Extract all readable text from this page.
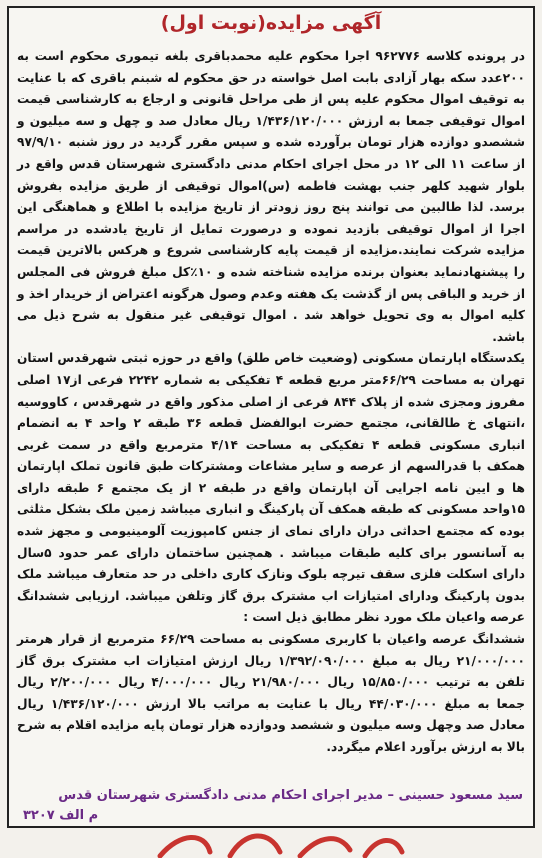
آگهی مزایده(نوبت اول)

در پرونده کلاسه ۹۶۲۷۷۶ اجرا محکوم علیه محمدباقری بلغه تیموری محکوم است به ۲۰۰عدد سکه بهار آزادی بابت اصل خواسته در حق محکوم له شبنم باقری که با عنایت به توقیف اموال محکوم علیه پس از طی مراحل قانونی و ارجاع به کارشناسی قیمت اموال توقیفی جمعا به ارزش ۱/۴۳۶/۱۲۰/۰۰۰ ریال معادل صد و چهل و سه میلیون و ششصدو دوازده هزار تومان برآورده شده و سپس مقرر گردید در روز شنبه ۹۷/۹/۱۰ از ساعت ۱۱ الی ۱۲ در محل اجرای احکام مدنی دادگستری شهرستان قدس واقع در بلوار شهید کلهر جنب بهشت فاطمه (س)اموال توقیفی از طریق مزایده بفروش برسد. لذا طالبین می توانند پنج روز زودتر از تاریخ مزایده با اطلاع و هماهنگی این اجرا از اموال توقیفی بازدید نموده و درصورت تمایل از تاریخ یادشده در مراسم مزایده شرکت نمایند.مزایده از قیمت پایه کارشناسی شروع و هرکس بالاترین قیمت را پیشنهادنماید بعنوان برنده مزایده شناخته شده و ۱۰٪کل مبلغ فروش فی المجلس از خرید و الباقی پس از گذشت یک هفته وعدم وصول هرگونه اعتراض از خریدار اخذ و کلیه اموال به وی تحویل خواهد شد . اموال توقیفی غیر منقول به شرح ذیل می باشد.

یکدستگاه اپارتمان مسکونی (وضعیت خاص طلق) واقع در حوزه ثبتی شهرقدس استان تهران به مساحت ۶۶/۲۹متر مربع قطعه ۴ تفکیکی به شماره ۲۲۴۲ فرعی از۱۷ اصلی مفروز ومجزی شده از پلاک ۸۴۴ فرعی از اصلی مذکور واقع در شهرقدس ، کاووسیه ،انتهای خ طالقانی، مجتمع حضرت ابوالفضل قطعه ۳۶ طبقه ۲ واحد ۴ به انضمام انباری مسکونی قطعه ۴ تفکیکی به مساحت ۴/۱۴ مترمربع واقع در سمت غربی همکف با قدرالسهم از عرصه و سایر مشاعات ومشترکات طبق قانون تملک اپارتمان ها و ایین نامه اجرایی آن اپارتمان واقع در طبقه ۲ از یک مجتمع ۶ طبقه دارای ۱۵واحد مسکونی که طبقه همکف آن پارکینگ و انباری میباشد زمین ملک بشکل مثلثی بوده که مجتمع احداثی دران دارای نمای از جنس کامپوزیت آلومینیومی و مجهز شده به آسانسور برای کلیه طبقات میباشد . همچنین ساختمان دارای عمر حدود ۵سال دارای اسکلت فلزی سقف تیرچه بلوک ونازک کاری داخلی در حد متعارف میباشد ملک بدون پارکینگ ودارای امتیازات اب مشترک برق گاز وتلفن میباشد. ارزیابی ششدانگ عرصه واعیان ملک مورد نظر مطابق ذیل است :

ششدانگ عرصه واعیان با کاربری مسکونی به مساحت ۶۶/۲۹ مترمربع از قرار هرمتر ۲۱/۰۰۰/۰۰۰ ریال به مبلغ ۱/۳۹۲/۰۹۰/۰۰۰ ریال ارزش امتیازات اب مشترک برق گاز تلفن به ترتیب ۱۵/۸۵۰/۰۰۰ ریال ۲۱/۹۸۰/۰۰۰ ریال ۴/۰۰۰/۰۰۰ ریال ۲/۲۰۰/۰۰۰ ریال جمعا به مبلغ ۴۴/۰۳۰/۰۰۰ ریال با عنایت به مراتب بالا ارزش ۱/۴۳۶/۱۲۰/۰۰۰ ریال معادل صد وچهل وسه میلیون و ششصد ودوازده هزار تومان پایه مزایده اقلام به شرح بالا به ارزش برآورد اعلام میگردد.

سید مسعود حسینی – مدیر اجرای احکام مدنی دادگستری شهرستان قدس
م الف ۳۲۰۷
